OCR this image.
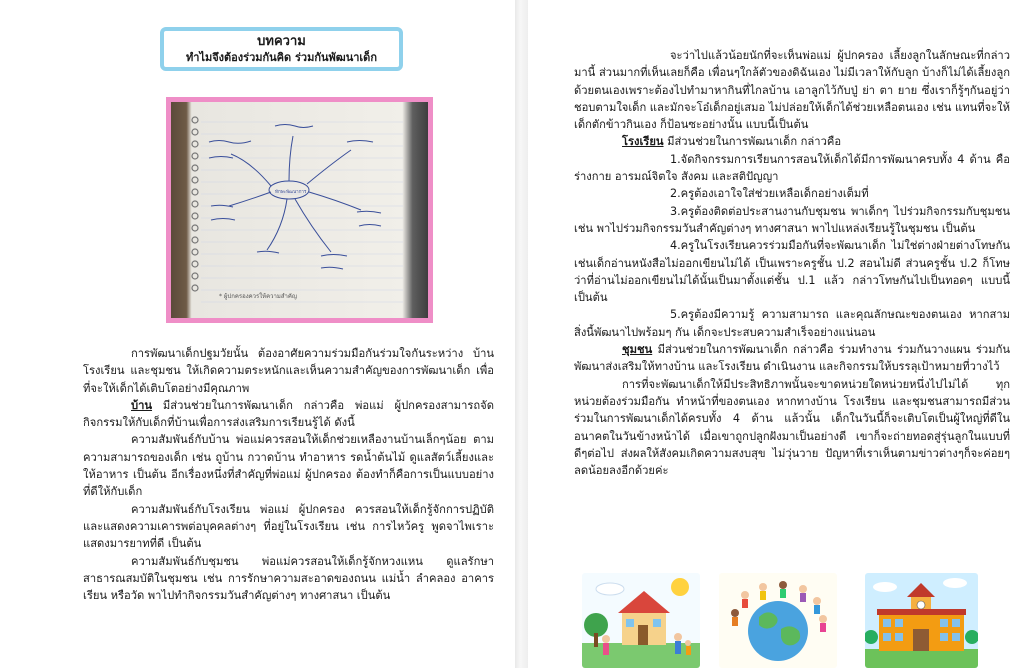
บทความ
ทำไมจึงต้องร่วมกันคิด ร่วมกันพัฒนาเด็ก
* ผู้ปกครองควรให้ความสำคัญ
ทักษะพัฒนาการ

การพัฒนาเด็กปฐมวัยนั้น ต้องอาศัยความร่วมมือกันร่วมใจกันระหว่าง บ้าน โรงเรียน และชุมชน ให้เกิดความตระหนักและเห็นความสำคัญของการพัฒนาเด็ก เพื่อที่จะให้เด็กได้เติบโตอย่างมีคุณภาพ

บ้าน มีส่วนช่วยในการพัฒนาเด็ก กล่าวคือ พ่อแม่ ผู้ปกครองสามารถจัดกิจกรรมให้กับเด็กที่บ้านเพื่อการส่งเสริมการเรียนรู้ได้ ดังนี้

ความสัมพันธ์กับบ้าน พ่อแม่ควรสอนให้เด็กช่วยเหลืองานบ้านเล็กๆน้อย ตามความสามารถของเด็ก เช่น ถูบ้าน กวาดบ้าน ทำอาหาร รดน้ำต้นไม้ ดูแลสัตว์เลี้ยงและให้อาหาร เป็นต้น อีกเรื่องหนึ่งที่สำคัญที่พ่อแม่ ผู้ปกครอง ต้องทำก็คือการเป็นแบบอย่างที่ดีให้กับเด็ก

ความสัมพันธ์กับโรงเรียน พ่อแม่ ผู้ปกครอง ควรสอนให้เด็กรู้จักการปฏิบัติและแสดงความเคารพต่อบุคคลต่างๆ ที่อยู่ในโรงเรียน เช่น การไหว้ครู พูดจาไพเราะ แสดงมารยาทที่ดี เป็นต้น

ความสัมพันธ์กับชุมชน พ่อแม่ควรสอนให้เด็กรู้จักหวงแหน ดูแลรักษาสาธารณสมบัติในชุมชน เช่น การรักษาความสะอาดของถนน แม่น้ำ ลำคลอง อาคารเรียน หรือวัด พาไปทำกิจกรรมวันสำคัญต่างๆ ทางศาสนา เป็นต้น

จะว่าไปแล้วน้อยนักที่จะเห็นพ่อแม่ ผู้ปกครอง เลี้ยงลูกในลักษณะที่กล่าวมานี้ ส่วนมากที่เห็นเลยก็คือ เพื่อนๆใกล้ตัวของดิฉันเอง ไม่มีเวลาให้กับลูก บ้างก็ไม่ได้เลี้ยงลูกด้วยตนเองเพราะต้องไปทำมาหากินที่ไกลบ้าน เอาลูกไว้กับปู่ ย่า ตา ยาย ซึ่งเราก็รู้ๆกันอยู่ว่า ชอบตามใจเด็ก และมักจะโอ๋เด็กอยู่เสมอ ไม่ปล่อยให้เด็กได้ช่วยเหลือตนเอง เช่น แทนที่จะให้เด็กตักข้าวกินเอง ก็ป้อนซะอย่างนั้น แบบนี้เป็นต้น

โรงเรียน มีส่วนช่วยในการพัฒนาเด็ก กล่าวคือ

1.จัดกิจกรรมการเรียนการสอนให้เด็กได้มีการพัฒนาครบทั้ง 4 ด้าน คือ ร่างกาย อารมณ์จิตใจ สังคม และสติปัญญา

2.ครูต้องเอาใจใส่ช่วยเหลือเด็กอย่างเต็มที่

3.ครูต้องติดต่อประสานงานกับชุมชน พาเด็กๆ ไปร่วมกิจกรรมกับชุมชน เช่น พาไปร่วมกิจกรรมวันสำคัญต่างๆ ทางศาสนา พาไปแหล่งเรียนรู้ในชุมชน เป็นต้น

4.ครูในโรงเรียนควรร่วมมือกันที่จะพัฒนาเด็ก ไม่ใช่ต่างฝ่ายต่างโทษกัน เช่นเด็กอ่านหนังสือไม่ออกเขียนไม่ได้ เป็นเพราะครูชั้น ป.2 สอนไม่ดี ส่วนครูชั้น ป.2 ก็โทษว่าที่อ่านไม่ออกเขียนไม่ได้นั้นเป็นมาตั้งแต่ชั้น ป.1 แล้ว กล่าวโทษกันไปเป็นทอดๆ แบบนี้เป็นต้น

5.ครูต้องมีความรู้ ความสามารถ และคุณลักษณะของตนเอง หากสามสิ่งนี้พัฒนาไปพร้อมๆ กัน เด็กจะประสบความสำเร็จอย่างแน่นอน

ชุมชน มีส่วนช่วยในการพัฒนาเด็ก กล่าวคือ ร่วมทำงาน ร่วมกันวางแผน ร่วมกันพัฒนาส่งเสริมให้ทางบ้าน และโรงเรียน ดำเนินงาน และกิจกรรมให้บรรลุเป้าหมายที่วางไว้

การที่จะพัฒนาเด็กให้มีประสิทธิภาพนั้นจะขาดหน่วยใดหน่วยหนึ่งไปไม่ได้ ทุกหน่วยต้องร่วมมือกัน ทำหน้าที่ของตนเอง หากทางบ้าน โรงเรียน และชุมชนสามารถมีส่วนร่วมในการพัฒนาเด็กได้ครบทั้ง 4 ด้าน แล้วนั้น เด็กในวันนี้ก็จะเติบโตเป็นผู้ใหญ่ที่ดีในอนาคตในวันข้างหน้าได้ เมื่อเขาถูกปลูกฝังมาเป็นอย่างดี เขาก็จะถ่ายทอดสู่รุ่นลูกในแบบที่ดีๆต่อไป ส่งผลให้สังคมเกิดความสงบสุข ไม่วุ่นวาย ปัญหาที่เราเห็นตามข่าวต่างๆก็จะค่อยๆลดน้อยลงอีกด้วยค่ะ
